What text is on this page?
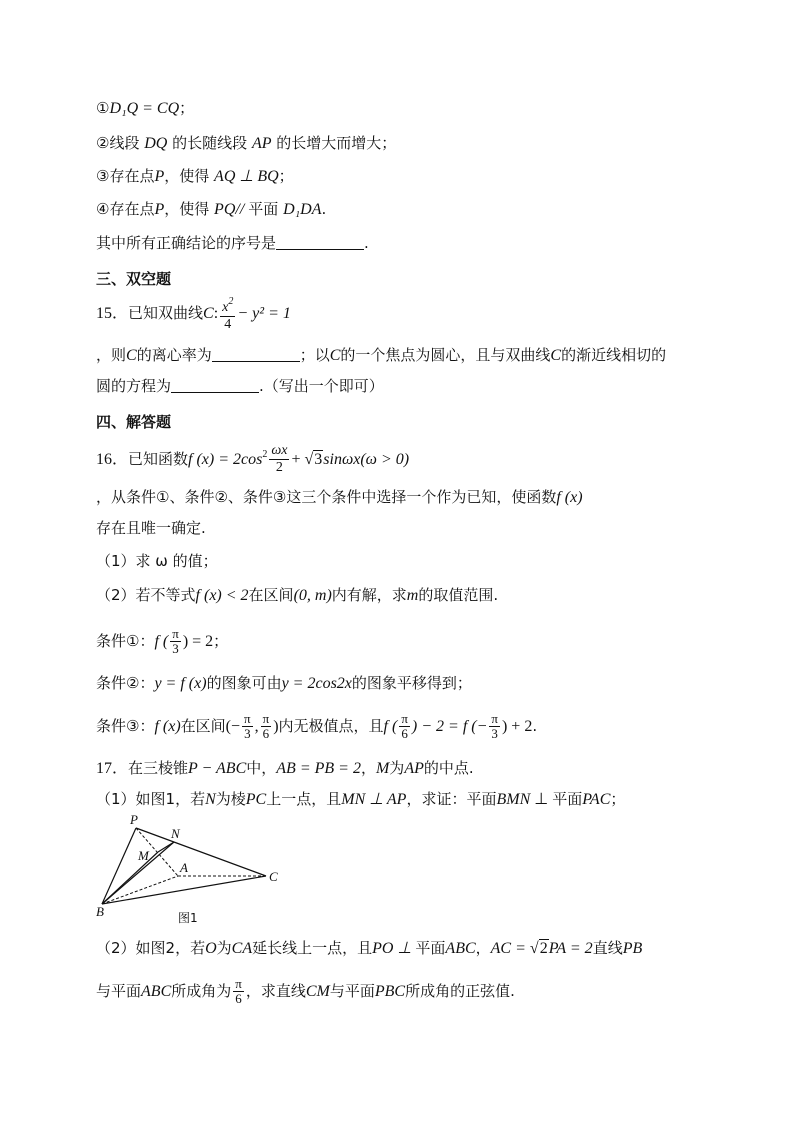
①D₁Q = CQ；
②线段 DQ 的长随线段 AP 的长增大而增大；
③存在点P，使得 AQ ⊥ BQ；
④存在点P，使得 PQ// 平面 D₁DA.
其中所有正确结论的序号是	.
三、双空题
15．已知双曲线C: $\frac{x^2}{4} - y^2 = 1$
，则C的离心率为	；以C的一个焦点为圆心，且与双曲线C的渐近线相切的
圆的方程为	.（写出一个即可）
四、解答题
16．已知函数f $(x) = 2\cos^2 \frac{\omega x}{2} + √3\sin\omega x(\omega > 0)$
，从条件①、条件②、条件③这三个条件中选择一个作为已知，使函数f (x)
存在且唯一确定.
（1）求 ω 的值；
（2）若不等式f (x) < 2在区间(0, m)内有解，求m的取值范围.
条件①：f ( $\frac{\pi}{3}$ ) = 2；
条件②：y = f (x)的图象可由y = 2cos2x的图象平移得到；
条件③：f (x)在区间(− $\frac{\pi}{3}$ , $\frac{\pi}{6}$ )内无极值点，且f ( $\frac{\pi}{6}$ ) − 2 = f (− $\frac{\pi}{3}$ ) + 2.
17．在三棱锥P − ABC中，AB = PB = 2，M为AP的中点.
（1）如图1，若N为棱PC上一点，且MN ⊥ AP，求证：平面BMN ⊥ 平面PAC；
P
N
M
A
C
B	图1
（2）如图2，若O为CA延长线上一点，且PO ⊥ 平面ABC，AC = √2PA = 2直线PB
与平面ABC所成角为 $\frac{\pi}{6}$ ，求直线CM与平面PBC所成角的正弦值.
